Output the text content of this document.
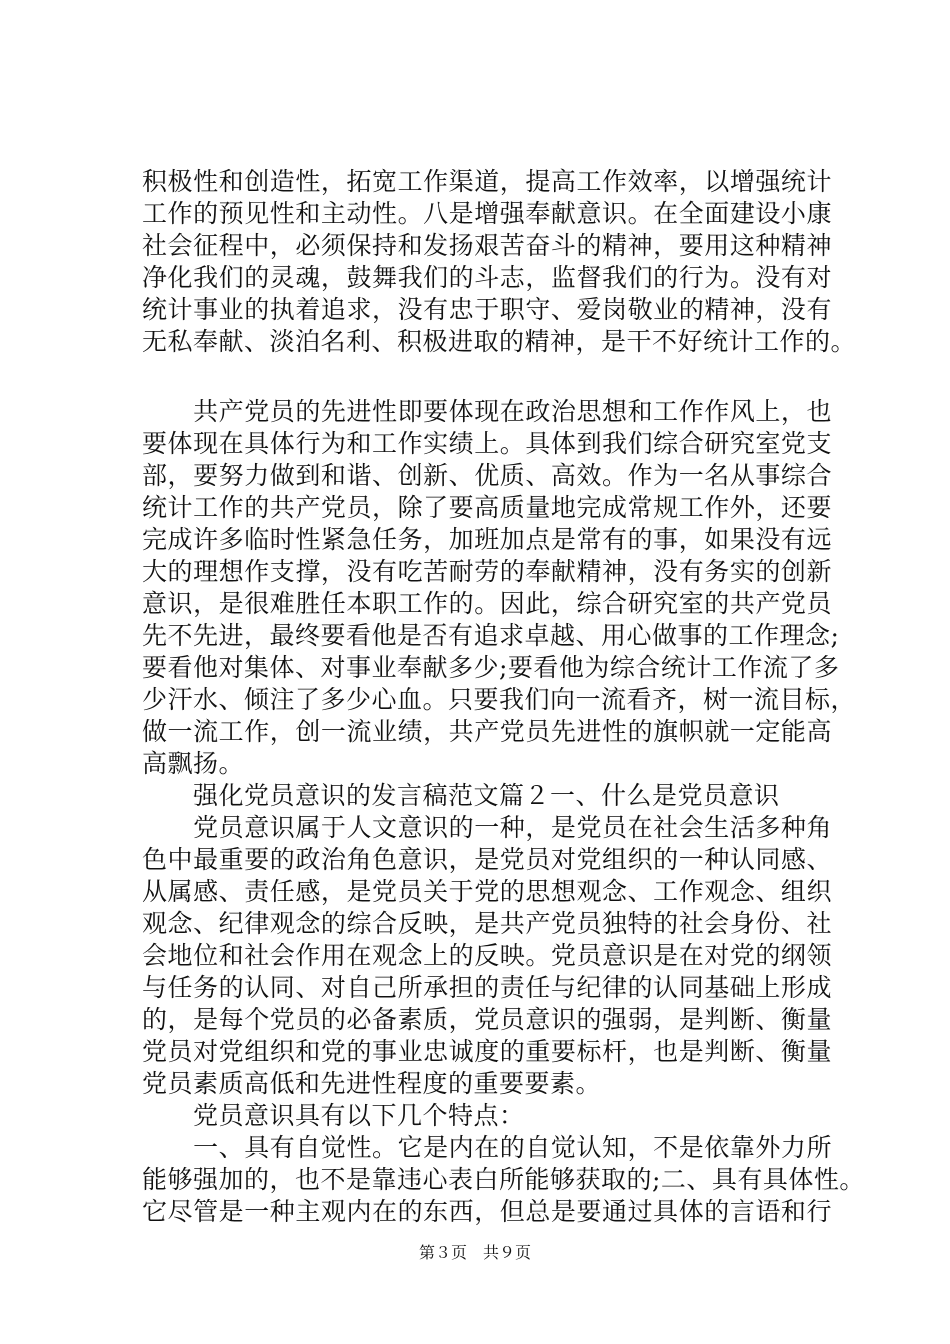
积极性和创造性，拓宽工作渠道，提高工作效率，以增强统计
工作的预见性和主动性。八是增强奉献意识。在全面建设小康
社会征程中，必须保持和发扬艰苦奋斗的精神，要用这种精神
净化我们的灵魂，鼓舞我们的斗志，监督我们的行为。没有对
统计事业的执着追求，没有忠于职守、爱岗敬业的精神，没有
无私奉献、淡泊名利、积极进取的精神，是干不好统计工作的。
　　共产党员的先进性即要体现在政治思想和工作作风上，也
要体现在具体行为和工作实绩上。具体到我们综合研究室党支
部，要努力做到和谐、创新、优质、高效。作为一名从事综合
统计工作的共产党员，除了要高质量地完成常规工作外，还要
完成许多临时性紧急任务，加班加点是常有的事，如果没有远
大的理想作支撑，没有吃苦耐劳的奉献精神，没有务实的创新
意识，是很难胜任本职工作的。因此，综合研究室的共产党员
先不先进，最终要看他是否有追求卓越、用心做事的工作理念;
要看他对集体、对事业奉献多少;要看他为综合统计工作流了多
少汗水、倾注了多少心血。只要我们向一流看齐，树一流目标，
做一流工作，创一流业绩，共产党员先进性的旗帜就一定能高
高飘扬。
　　强化党员意识的发言稿范文篇２一、什么是党员意识
　　党员意识属于人文意识的一种，是党员在社会生活多种角
色中最重要的政治角色意识，是党员对党组织的一种认同感、
从属感、责任感，是党员关于党的思想观念、工作观念、组织
观念、纪律观念的综合反映，是共产党员独特的社会身份、社
会地位和社会作用在观念上的反映。党员意识是在对党的纲领
与任务的认同、对自己所承担的责任与纪律的认同基础上形成
的，是每个党员的必备素质，党员意识的强弱，是判断、衡量
党员对党组织和党的事业忠诚度的重要标杆，也是判断、衡量
党员素质高低和先进性程度的重要要素。
　　党员意识具有以下几个特点：
　　一、具有自觉性。它是内在的自觉认知，不是依靠外力所
能够强加的，也不是靠违心表白所能够获取的;二、具有具体性。
它尽管是一种主观内在的东西，但总是要通过具体的言语和行
第３页　共９页
